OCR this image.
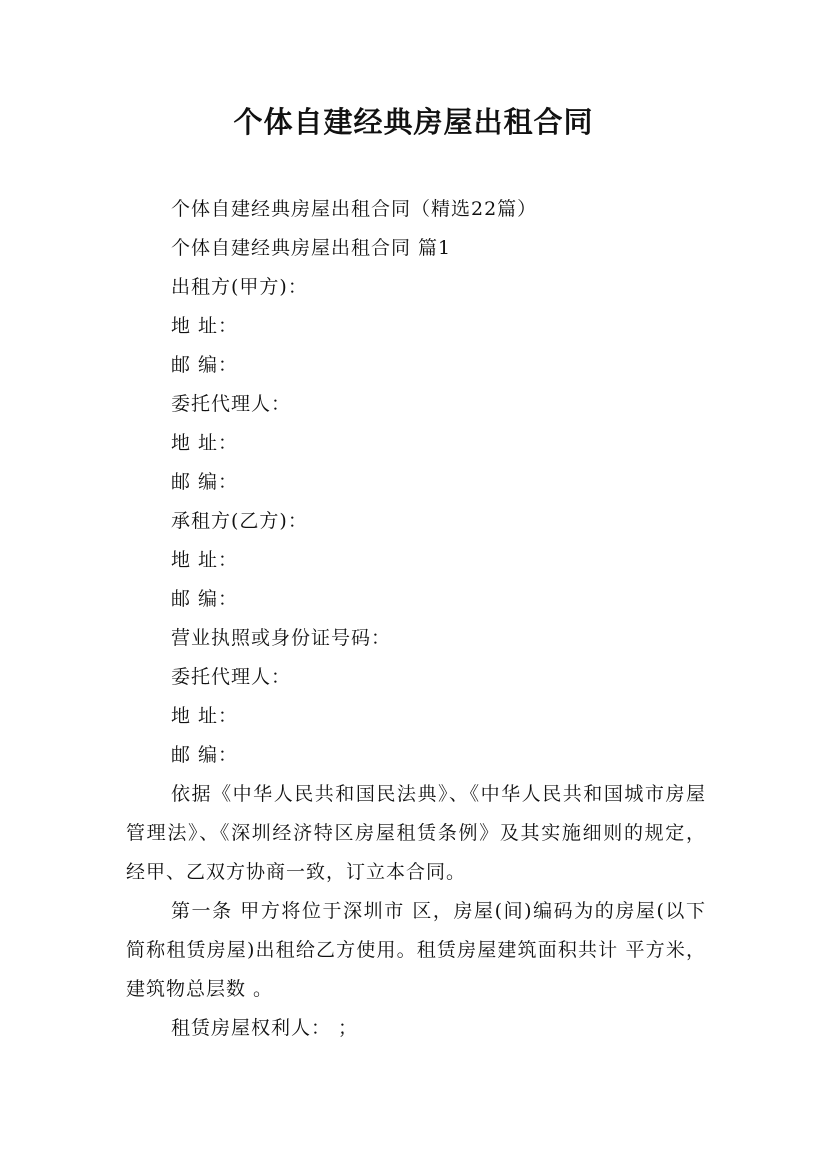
个体自建经典房屋出租合同
个体自建经典房屋出租合同（精选22篇）
个体自建经典房屋出租合同 篇1
出租方(甲方)：
地 址：
邮 编：
委托代理人：
地 址：
邮 编：
承租方(乙方)：
地 址：
邮 编：
营业执照或身份证号码：
委托代理人：
地 址：
邮 编：
依据《中华人民共和国民法典》、《中华人民共和国城市房屋管理法》、《深圳经济特区房屋租赁条例》及其实施细则的规定，经甲、乙双方协商一致，订立本合同。
第一条 甲方将位于深圳市 区，房屋(间)编码为的房屋(以下简称租赁房屋)出租给乙方使用。租赁房屋建筑面积共计 平方米，建筑物总层数 。
租赁房屋权利人： ；
